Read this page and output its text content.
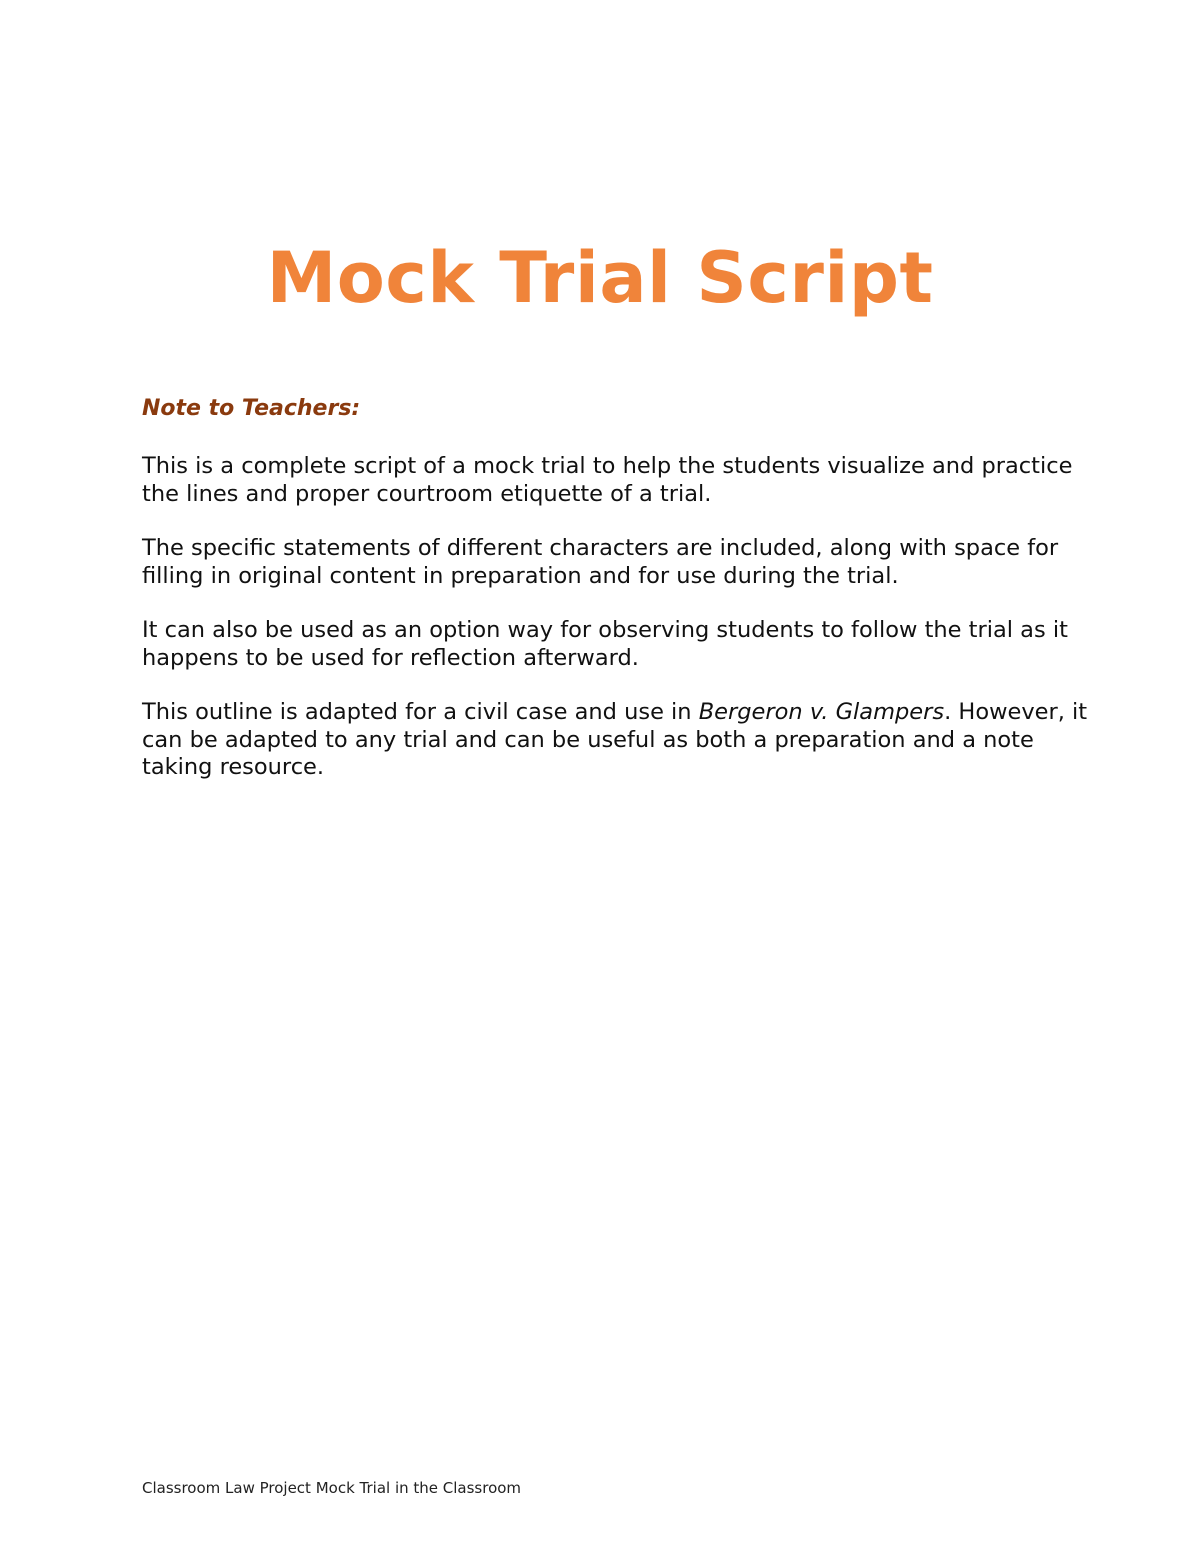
Mock Trial Script

Note to Teachers:

This is a complete script of a mock trial to help the students visualize and practice the lines and proper courtroom etiquette of a trial.

The specific statements of different characters are included, along with space for filling in original content in preparation and for use during the trial.

It can also be used as an option way for observing students to follow the trial as it happens to be used for reflection afterward.

This outline is adapted for a civil case and use in Bergeron v. Glampers. However, it can be adapted to any trial and can be useful as both a preparation and a note taking resource.

Classroom Law Project Mock Trial in the Classroom
